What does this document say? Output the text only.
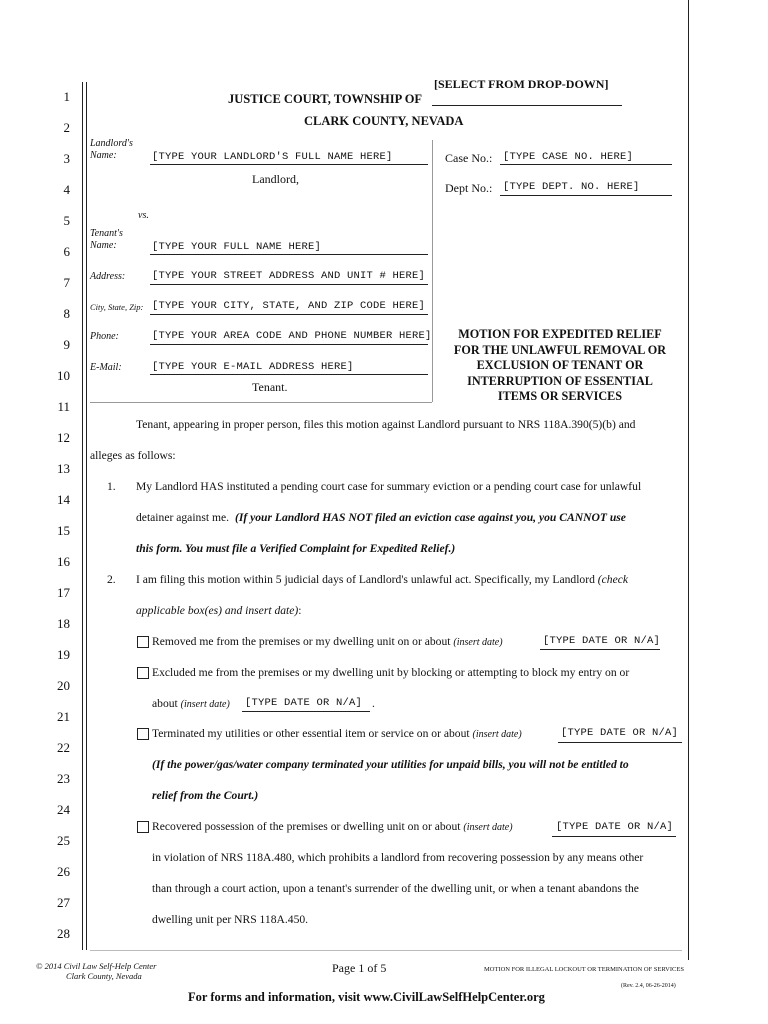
1
2
3
4
5
6
7
8
9
10
11
12
13
14
15
16
17
18
19
20
21
22
23
24
25
26
27
28
JUSTICE COURT, TOWNSHIP OF
[SELECT FROM DROP-DOWN]
CLARK COUNTY, NEVADA
Landlord's Name:	[TYPE YOUR LANDLORD'S FULL NAME HERE]
Landlord,
vs.
Tenant's Name:	[TYPE YOUR FULL NAME HERE]
Address:	[TYPE YOUR STREET ADDRESS AND UNIT # HERE]
City, State, Zip: [TYPE YOUR CITY, STATE, AND ZIP CODE HERE]
Phone:	[TYPE YOUR AREA CODE AND PHONE NUMBER HERE]
E-Mail:	[TYPE YOUR E-MAIL ADDRESS HERE]
Tenant.
Case No.: [TYPE CASE NO. HERE]
Dept No.: [TYPE DEPT. NO. HERE]
MOTION FOR EXPEDITED RELIEF
FOR THE UNLAWFUL REMOVAL OR
EXCLUSION OF TENANT OR
INTERRUPTION OF ESSENTIAL
ITEMS OR SERVICES
Tenant, appearing in proper person, files this motion against Landlord pursuant to NRS 118A.390(5)(b) and
alleges as follows:
1. My Landlord HAS instituted a pending court case for summary eviction or a pending court case for unlawful
detainer against me. (If your Landlord HAS NOT filed an eviction case against you, you CANNOT use
this form. You must file a Verified Complaint for Expedited Relief.)
2. I am filing this motion within 5 judicial days of Landlord's unlawful act. Specifically, my Landlord (check
applicable box(es) and insert date):
Removed me from the premises or my dwelling unit on or about (insert date)	[TYPE DATE OR N/A]
Excluded me from the premises or my dwelling unit by blocking or attempting to block my entry on or
about (insert date) [TYPE DATE OR N/A] .
Terminated my utilities or other essential item or service on or about (insert date)	[TYPE DATE OR N/A]
(If the power/gas/water company terminated your utilities for unpaid bills, you will not be entitled to
relief from the Court.)
Recovered possession of the premises or dwelling unit on or about (insert date)	[TYPE DATE OR N/A]
in violation of NRS 118A.480, which prohibits a landlord from recovering possession by any means other
than through a court action, upon a tenant's surrender of the dwelling unit, or when a tenant abandons the
dwelling unit per NRS 118A.450.
© 2014 Civil Law Self-Help Center
Clark County, Nevada
Page 1 of 5	MOTION FOR ILLEGAL LOCKOUT OR TERMINATION OF SERVICES
(Rev. 2.4, 06-26-2014)
For forms and information, visit www.CivilLawSelfHelpCenter.org
